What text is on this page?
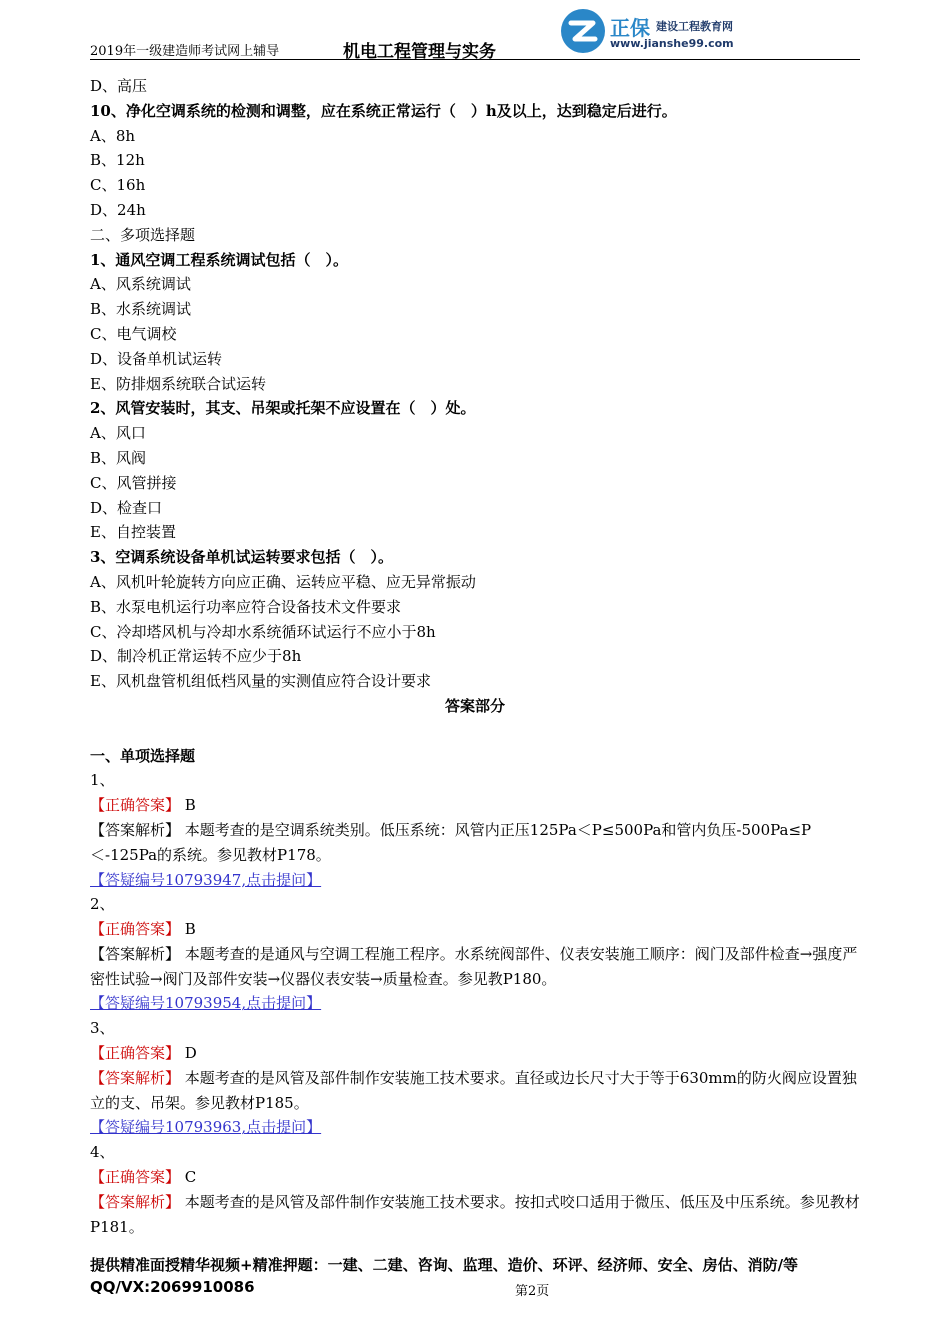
2019年一级建造师考试网上辅导	机电工程管理与实务
正保 建设工程教育网
www.jianshe99.com
D、高压
10、净化空调系统的检测和调整，应在系统正常运行（　）h及以上，达到稳定后进行。
A、8h
B、12h
C、16h
D、24h
二、多项选择题
1、通风空调工程系统调试包括（　）。
A、风系统调试
B、水系统调试
C、电气调校
D、设备单机试运转
E、防排烟系统联合试运转
2、风管安装时，其支、吊架或托架不应设置在（　）处。
A、风口
B、风阀
C、风管拼接
D、检查口
E、自控装置
3、空调系统设备单机试运转要求包括（　）。
A、风机叶轮旋转方向应正确、运转应平稳、应无异常振动
B、水泵电机运行功率应符合设备技术文件要求
C、冷却塔风机与冷却水系统循环试运行不应小于8h
D、制冷机正常运转不应少于8h
E、风机盘管机组低档风量的实测值应符合设计要求
答案部分
一、单项选择题
1、
【正确答案】 B
【答案解析】 本题考查的是空调系统类别。低压系统：风管内正压125Pa＜P≤500Pa和管内负压-500Pa≤P＜-125Pa的系统。参见教材P178。
【答疑编号10793947,点击提问】
2、
【正确答案】 B
【答案解析】 本题考查的是通风与空调工程施工程序。水系统阀部件、仪表安装施工顺序：阀门及部件检查→强度严密性试验→阀门及部件安装→仪器仪表安装→质量检查。参见教P180。
【答疑编号10793954,点击提问】
3、
【正确答案】 D
【答案解析】 本题考查的是风管及部件制作安装施工技术要求。直径或边长尺寸大于等于630mm的防火阀应设置独立的支、吊架。参见教材P185。
【答疑编号10793963,点击提问】
4、
【正确答案】 C
【答案解析】 本题考查的是风管及部件制作安装施工技术要求。按扣式咬口适用于微压、低压及中压系统。参见教材P181。
提供精准面授精华视频+精准押题：一建、二建、咨询、监理、造价、环评、经济师、安全、房估、消防/等
QQ/VX:2069910086	第2页
